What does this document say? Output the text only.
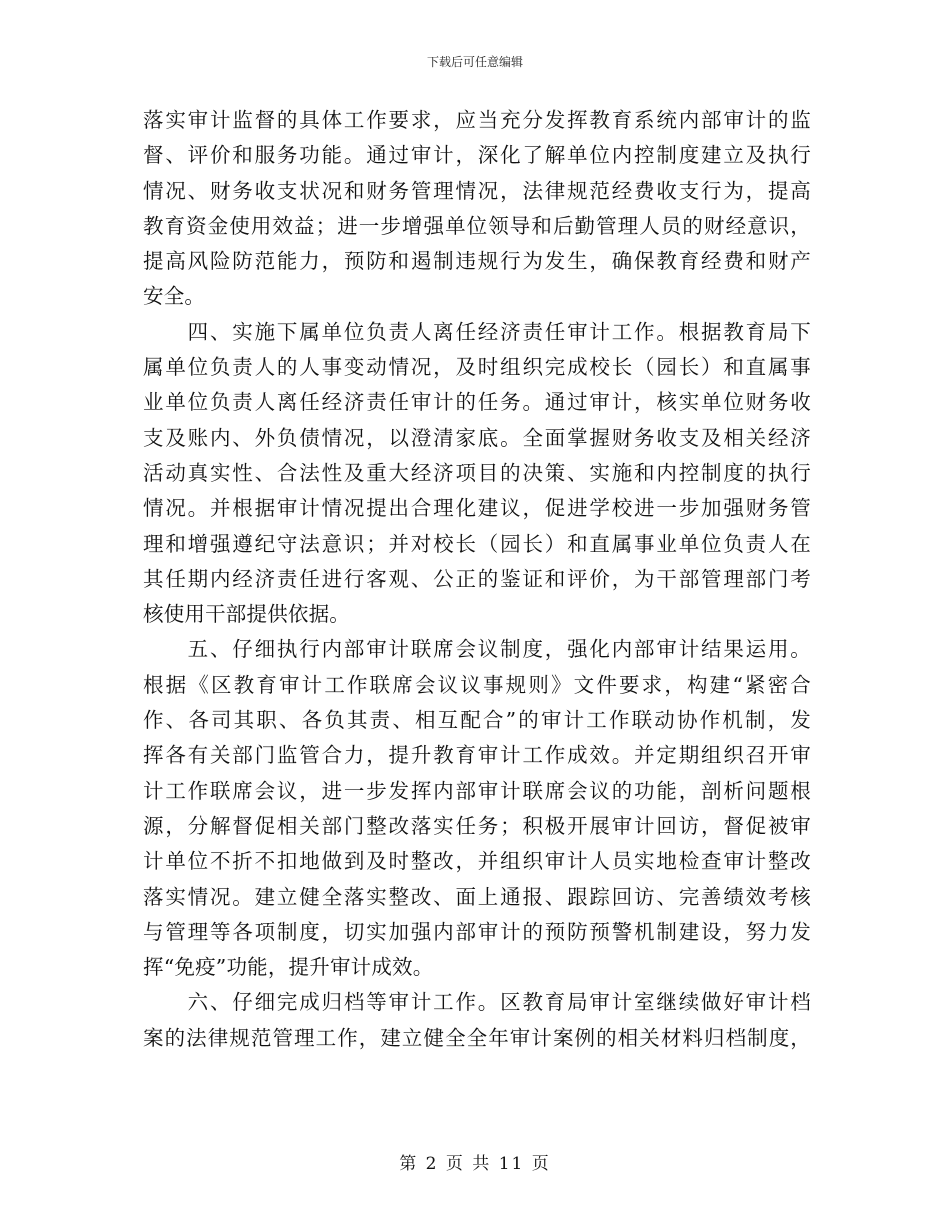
下载后可任意编辑
落实审计监督的具体工作要求，应当充分发挥教育系统内部审计的监
督、评价和服务功能。通过审计，深化了解单位内控制度建立及执行
情况、财务收支状况和财务管理情况，法律规范经费收支行为，提高
教育资金使用效益；进一步增强单位领导和后勤管理人员的财经意识，
提高风险防范能力，预防和遏制违规行为发生，确保教育经费和财产
安全。
　　四、实施下属单位负责人离任经济责任审计工作。根据教育局下
属单位负责人的人事变动情况，及时组织完成校长（园长）和直属事
业单位负责人离任经济责任审计的任务。通过审计，核实单位财务收
支及账内、外负债情况，以澄清家底。全面掌握财务收支及相关经济
活动真实性、合法性及重大经济项目的决策、实施和内控制度的执行
情况。并根据审计情况提出合理化建议，促进学校进一步加强财务管
理和增强遵纪守法意识；并对校长（园长）和直属事业单位负责人在
其任期内经济责任进行客观、公正的鉴证和评价，为干部管理部门考
核使用干部提供依据。
　　五、仔细执行内部审计联席会议制度，强化内部审计结果运用。
根据《区教育审计工作联席会议议事规则》文件要求，构建“紧密合
作、各司其职、各负其责、相互配合”的审计工作联动协作机制，发
挥各有关部门监管合力，提升教育审计工作成效。并定期组织召开审
计工作联席会议，进一步发挥内部审计联席会议的功能，剖析问题根
源，分解督促相关部门整改落实任务；积极开展审计回访，督促被审
计单位不折不扣地做到及时整改，并组织审计人员实地检查审计整改
落实情况。建立健全落实整改、面上通报、跟踪回访、完善绩效考核
与管理等各项制度，切实加强内部审计的预防预警机制建设，努力发
挥“免疫”功能，提升审计成效。
　　六、仔细完成归档等审计工作。区教育局审计室继续做好审计档
案的法律规范管理工作，建立健全全年审计案例的相关材料归档制度，
第 2 页 共 11 页
